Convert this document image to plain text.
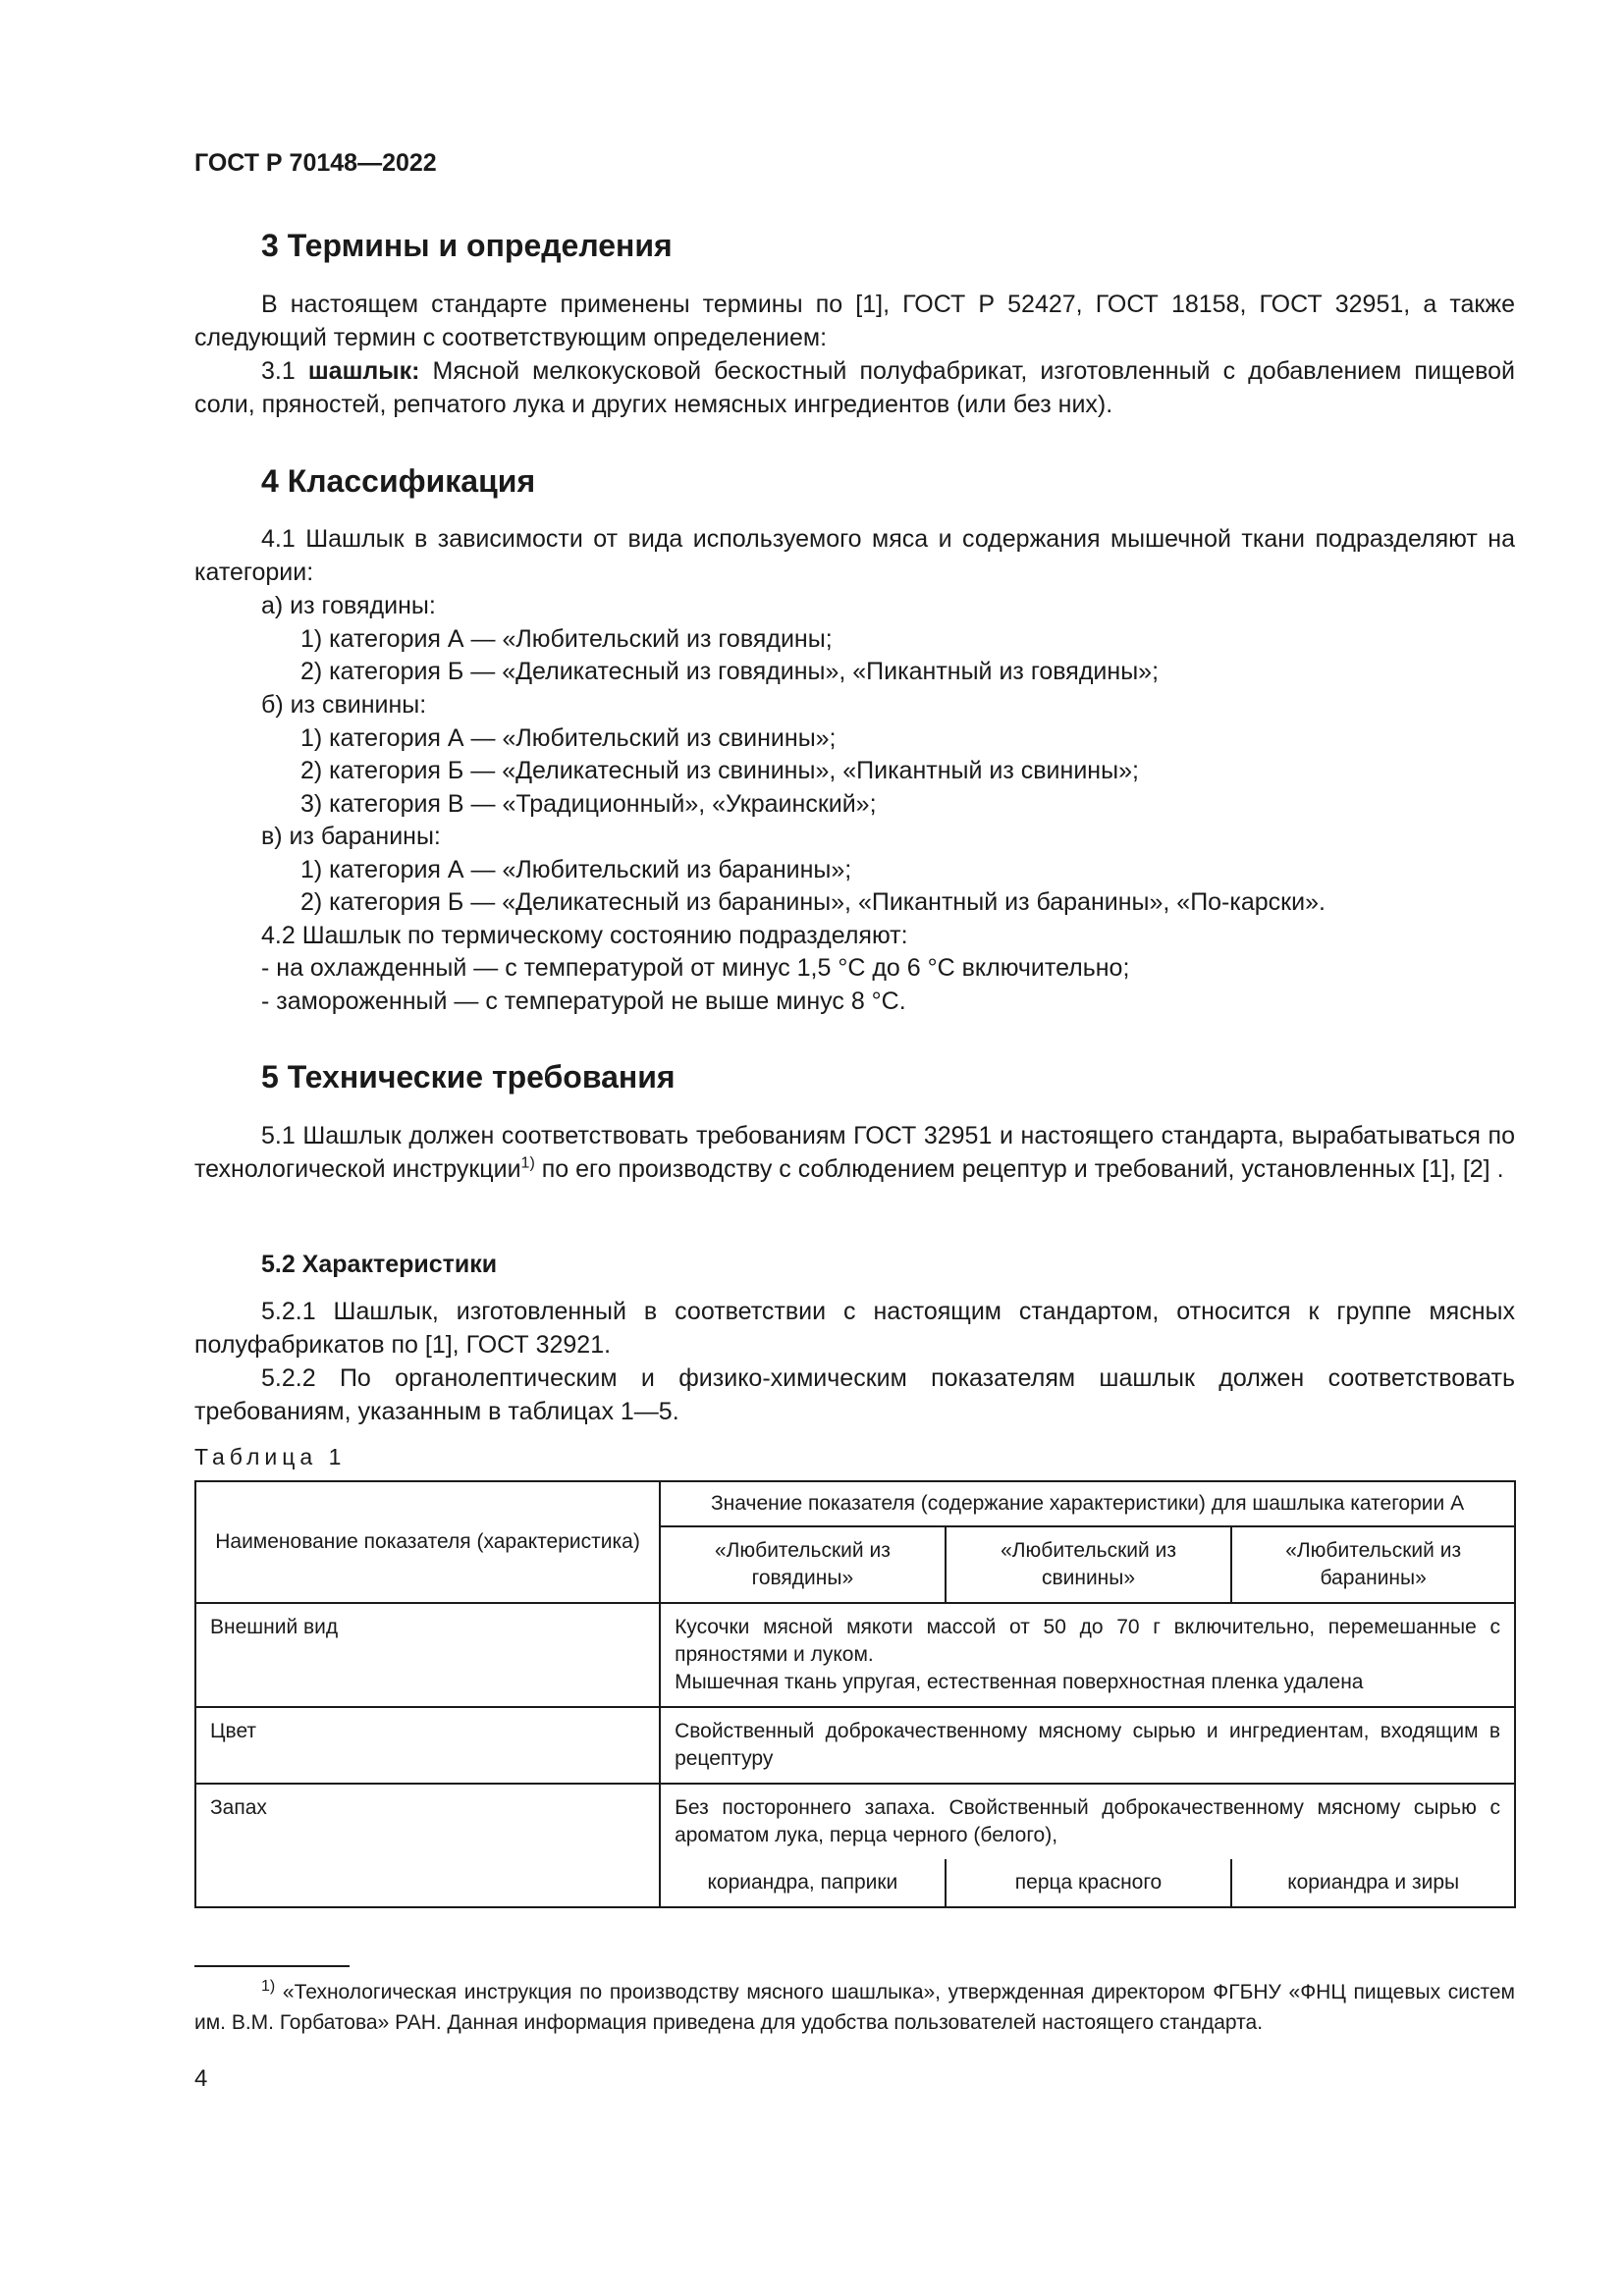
ГОСТ Р 70148—2022
3 Термины и определения

В настоящем стандарте применены термины по [1], ГОСТ Р 52427, ГОСТ 18158, ГОСТ 32951, а также следующий термин с соответствующим определением:

3.1 шашлык: Мясной мелкокусковой бескостный полуфабрикат, изготовленный с добавлением пищевой соли, пряностей, репчатого лука и других немясных ингредиентов (или без них).

4 Классификация

4.1 Шашлык в зависимости от вида используемого мяса и содержания мышечной ткани подразделяют на категории:

а) из говядины:
1) категория А — «Любительский из говядины;
2) категория Б — «Деликатесный из говядины», «Пикантный из говядины»;
б) из свинины:
1) категория А — «Любительский из свинины»;
2) категория Б — «Деликатесный из свинины», «Пикантный из свинины»;
3) категория В — «Традиционный», «Украинский»;
в) из баранины:
1) категория А — «Любительский из баранины»;
2) категория Б — «Деликатесный из баранины», «Пикантный из баранины», «По-карски».
4.2 Шашлык по термическому состоянию подразделяют:
- на охлажденный — с температурой от минус 1,5 °С до 6 °С включительно;
- замороженный — с температурой не выше минус 8 °С.
5 Технические требования

5.1 Шашлык должен соответствовать требованиям ГОСТ 32951 и настоящего стандарта, вырабатываться по технологической инструкции$^{1)}$ по его производству с соблюдением рецептур и требований, установленных [1], [2] .

5.2 Характеристики

5.2.1 Шашлык, изготовленный в соответствии с настоящим стандартом, относится к группе мясных полуфабрикатов по [1], ГОСТ 32921.

5.2.2 По органолептическим и физико-химическим показателям шашлык должен соответствовать требованиям, указанным в таблицах 1—5.

Таблица 1
Наименование показателя (характеристика)	Значение показателя (содержание характеристики) для шашлыка категории А		
	«Любительский из говядины»	«Любительский из свинины»	«Любительский из баранины»
Внешний вид	Кусочки мясной мякоти массой от 50 до 70 г включительно, перемешанные с пряностями и луком.
Мышечная ткань упругая, естественная поверхностная пленка удалена		

Цвет	Свойственный доброкачественному мясному сырью и ингредиентам, входящим в рецептуру		
Запах	Без постороннего запаха. Свойственный доброкачественному мясному сырью с ароматом лука, перца черного (белого),		
	кориандра, паприки	перца красного	кориандра и зиры

$^{1)}$ «Технологическая инструкция по производству мясного шашлыка», утвержденная директором ФГБНУ «ФНЦ пищевых систем им. В.М. Горбатова» РАН. Данная информация приведена для удобства пользователей настоящего стандарта.

4
